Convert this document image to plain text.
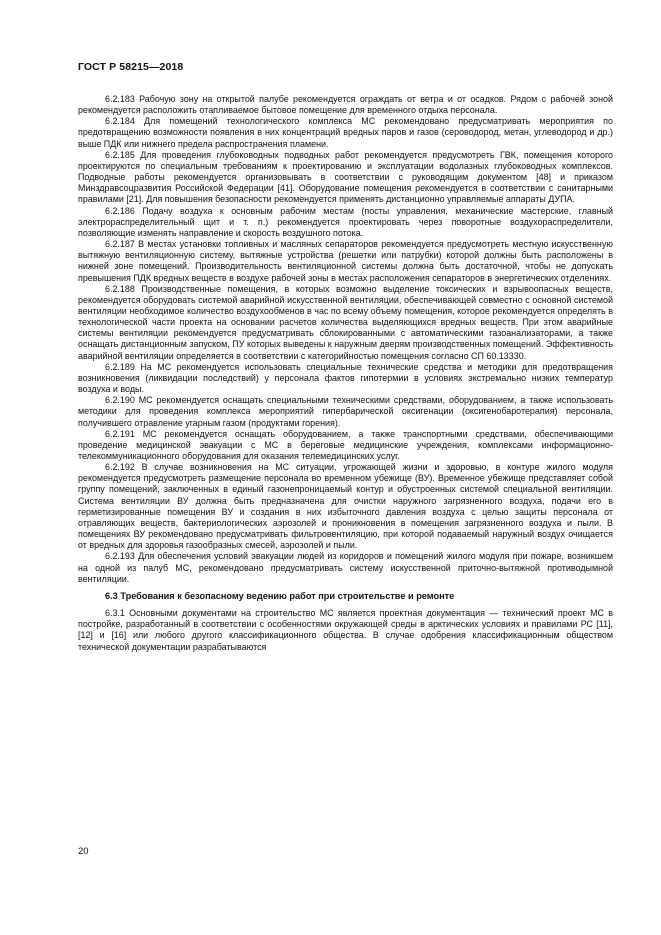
ГОСТ Р 58215—2018

6.2.183 Рабочую зону на открытой палубе рекомендуется ограждать от ветра и от осадков. Рядом с рабочей зоной рекомендуется расположить отапливаемое бытовое помещение для временного отдыха персонала.

6.2.184 Для помещений технологического комплекса МС рекомендовано предусматривать мероприятия по предотвращению возможности появления в них концентраций вредных паров и газов (сероводород, метан, углеводород и др.) выше ПДК или нижнего предела распространения пламени.

6.2.185 Для проведения глубоководных подводных работ рекомендуется предусмотреть ГВК, помещения которого проектируются по специальным требованиям к проектированию и эксплуатации водолазных глубоководных комплексов. Подводные работы рекомендуется организовывать в соответствии с руководящим документом [48] и приказом Минздравсоцразвития Российской Федерации [41]. Оборудование помещения рекомендуется в соответствии с санитарными правилами [21]. Для повышения безопасности рекомендуется применять дистанционно управляемые аппараты ДУПА.

6.2.186 Подачу воздуха к основным рабочим местам (посты управления, механические мастерские, главный электрораспределительный щит и т. п.) рекомендуется проектировать через поворотные воздухораспределители, позволяющие изменять направление и скорость воздушного потока.

6.2.187 В местах установки топливных и масляных сепараторов рекомендуется предусмотреть местную искусственную вытяжную вентиляционную систему, вытяжные устройства (решетки или патрубки) которой должны быть расположены в нижней зоне помещений. Производительность вентиляционной системы должна быть достаточной, чтобы не допускать превышения ПДК вредных веществ в воздухе рабочей зоны в местах расположения сепараторов в энергетических отделениях.

6.2.188 Производственные помещения, в которых возможно выделение токсических и взрывоопасных веществ, рекомендуется оборудовать системой аварийной искусственной вентиляции, обеспечивающей совместно с основной системой вентиляции необходимое количество воздухообменов в час по всему объему помещения, которое рекомендуется определять в технологической части проекта на основании расчетов количества выделяющихся вредных веществ. При этом аварийные системы вентиляции рекомендуется предусматривать сблокированными с автоматическими газоанализаторами, а также оснащать дистанционным запуском, ПУ которых выведены к наружным дверям производственных помещений. Эффективность аварийной вентиляции определяется в соответствии с категорийностью помещения согласно СП 60.13330.

6.2.189 На МС рекомендуется использовать специальные технические средства и методики для предотвращения возникновения (ликвидации последствий) у персонала фактов гипотермии в условиях экстремально низких температур воздуха и воды.

6.2.190 МС рекомендуется оснащать специальными техническими средствами, оборудованием, а также использовать методики для проведения комплекса мероприятий гипербарической оксигенации (оксигенобаротерапия) персонала, получившего отравление угарным газом (продуктами горения).

6.2.191 МС рекомендуется оснащать оборудованием, а также транспортными средствами, обеспечивающими проведение медицинской эвакуации с МС в береговые медицинские учреждения, комплексами информационно-телекоммуникационного оборудования для оказания телемедицинских услуг.

6.2.192 В случае возникновения на МС ситуации, угрожающей жизни и здоровью, в контуре жилого модуля рекомендуется предусмотреть размещение персонала во временном убежище (ВУ). Временное убежище представляет собой группу помещений, заключенных в единый газонепроницаемый контур и обустроенных системой специальной вентиляции. Система вентиляции ВУ должна быть предназначена для очистки наружного загрязненного воздуха, подачи его в герметизированные помещения ВУ и создания в них избыточного давления воздуха с целью защиты персонала от отравляющих веществ, бактериологических аэрозолей и проникновения в помещения загрязненного воздуха и пыли. В помещениях ВУ рекомендовано предусматривать фильтровентиляцию, при которой подаваемый наружный воздух очищается от вредных для здоровья газообразных смесей, аэрозолей и пыли.

6.2.193 Для обеспечения условий эвакуации людей из коридоров и помещений жилого модуля при пожаре, возникшем на одной из палуб МС, рекомендовано предусматривать систему искусственной приточно-вытяжной противодымной вентиляции.

6.3 Требования к безопасному ведению работ при строительстве и ремонте

6.3.1 Основными документами на строительство МС является проектная документация — технический проект МС в постройке, разработанный в соответствии с особенностями окружающей среды в арктических условиях и правилами РС [11], [12] и [16] или любого другого классификационного общества. В случае одобрения классификационным обществом технической документации разрабатываются

20
